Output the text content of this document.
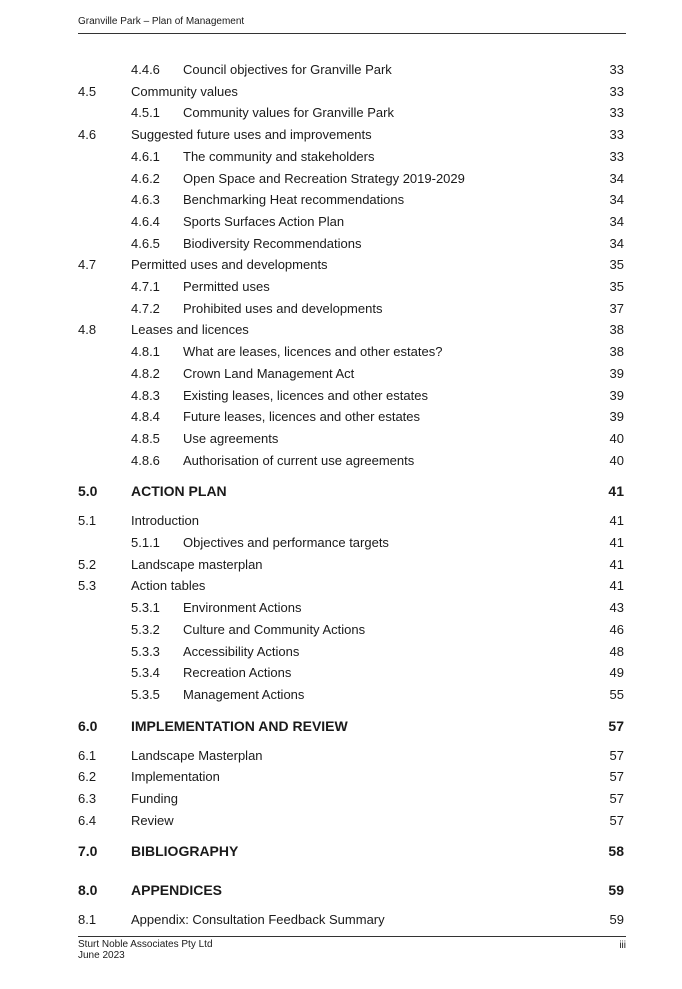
Granville Park – Plan of Management
4.4.6 Council objectives for Granville Park	33
4.5	Community values	33
4.5.1 Community values for Granville Park	33
4.6	Suggested future uses and improvements	33
4.6.1 The community and stakeholders	33
4.6.2 Open Space and Recreation Strategy 2019-2029	34
4.6.3 Benchmarking Heat recommendations	34
4.6.4 Sports Surfaces Action Plan	34
4.6.5 Biodiversity Recommendations	34
4.7	Permitted uses and developments	35
4.7.1 Permitted uses	35
4.7.2 Prohibited uses and developments	37
4.8	Leases and licences	38
4.8.1 What are leases, licences and other estates?	38
4.8.2 Crown Land Management Act	39
4.8.3 Existing leases, licences and other estates	39
4.8.4 Future leases, licences and other estates	39
4.8.5 Use agreements	40
4.8.6 Authorisation of current use agreements	40
5.0 ACTION PLAN	41
5.1	Introduction	41
5.1.1 Objectives and performance targets	41
5.2	Landscape masterplan	41
5.3	Action tables	41
5.3.1 Environment Actions	43
5.3.2 Culture and Community Actions	46
5.3.3 Accessibility Actions	48
5.3.4 Recreation Actions	49
5.3.5 Management Actions	55
6.0 IMPLEMENTATION AND REVIEW	57
6.1	Landscape Masterplan	57
6.2	Implementation	57
6.3	Funding	57
6.4	Review	57
7.0 BIBLIOGRAPHY	58
8.0 APPENDICES	59
8.1	Appendix: Consultation Feedback Summary	59
Sturt Noble Associates Pty Ltd
June 2023
iii
